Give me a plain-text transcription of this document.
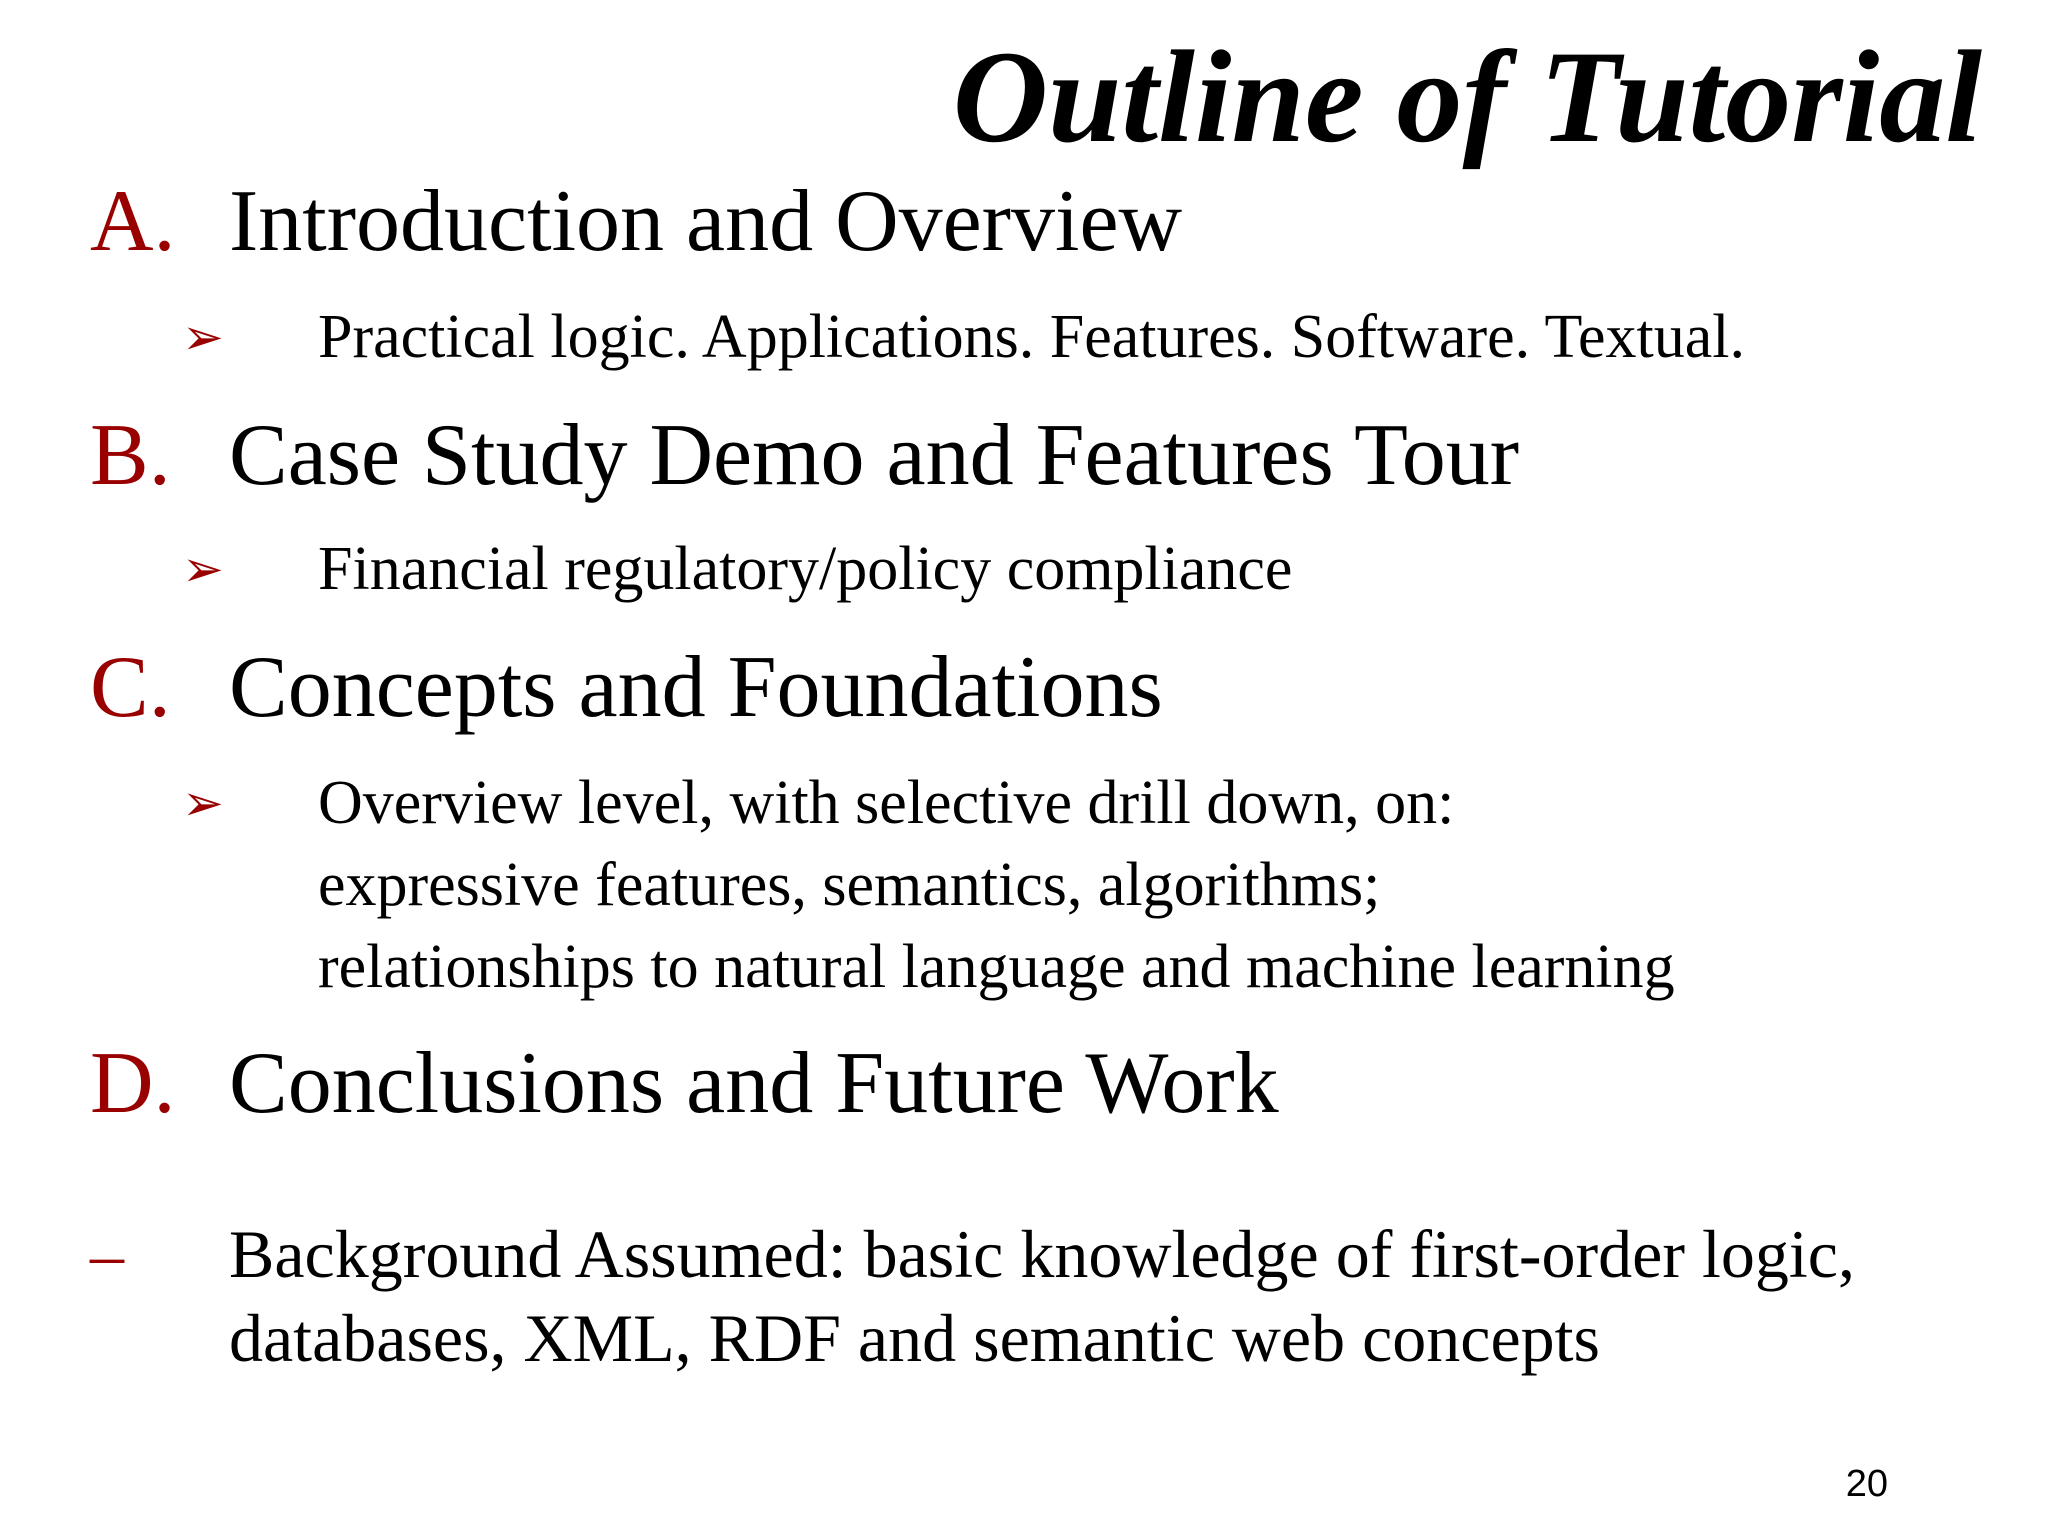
Outline of Tutorial
A. Introduction and Overview
➢ Practical logic. Applications. Features. Software. Textual.
B. Case Study Demo and Features Tour
➢ Financial regulatory/policy compliance
C. Concepts and Foundations
➢ Overview level, with selective drill down, on:
expressive features, semantics, algorithms;
relationships to natural language and machine learning
D. Conclusions and Future Work
– Background Assumed: basic knowledge of first-order logic,
databases, XML, RDF and semantic web concepts
20
